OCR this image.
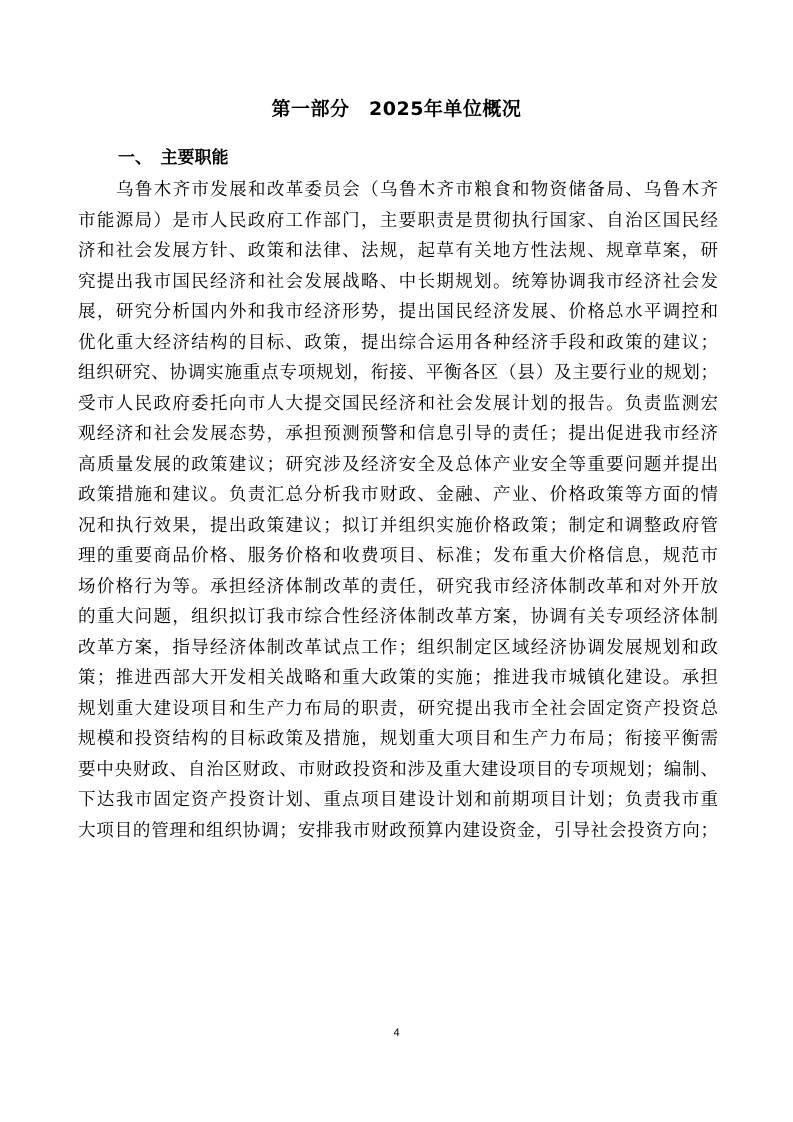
第一部分　2025年单位概况
一、　主要职能
乌鲁木齐市发展和改革委员会（乌鲁木齐市粮食和物资储备局、乌鲁木齐
市能源局）是市人民政府工作部门，主要职责是贯彻执行国家、自治区国民经
济和社会发展方针、政策和法律、法规，起草有关地方性法规、规章草案，研
究提出我市国民经济和社会发展战略、中长期规划。统筹协调我市经济社会发
展，研究分析国内外和我市经济形势，提出国民经济发展、价格总水平调控和
优化重大经济结构的目标、政策，提出综合运用各种经济手段和政策的建议；
组织研究、协调实施重点专项规划，衔接、平衡各区（县）及主要行业的规划；
受市人民政府委托向市人大提交国民经济和社会发展计划的报告。负责监测宏
观经济和社会发展态势，承担预测预警和信息引导的责任；提出促进我市经济
高质量发展的政策建议；研究涉及经济安全及总体产业安全等重要问题并提出
政策措施和建议。负责汇总分析我市财政、金融、产业、价格政策等方面的情
况和执行效果，提出政策建议；拟订并组织实施价格政策；制定和调整政府管
理的重要商品价格、服务价格和收费项目、标准；发布重大价格信息，规范市
场价格行为等。承担经济体制改革的责任，研究我市经济体制改革和对外开放
的重大问题，组织拟订我市综合性经济体制改革方案，协调有关专项经济体制
改革方案，指导经济体制改革试点工作；组织制定区域经济协调发展规划和政
策；推进西部大开发相关战略和重大政策的实施；推进我市城镇化建设。承担
规划重大建设项目和生产力布局的职责，研究提出我市全社会固定资产投资总
规模和投资结构的目标政策及措施，规划重大项目和生产力布局；衔接平衡需
要中央财政、自治区财政、市财政投资和涉及重大建设项目的专项规划；编制、
下达我市固定资产投资计划、重点项目建设计划和前期项目计划；负责我市重
大项目的管理和组织协调；安排我市财政预算内建设资金，引导社会投资方向；
4
